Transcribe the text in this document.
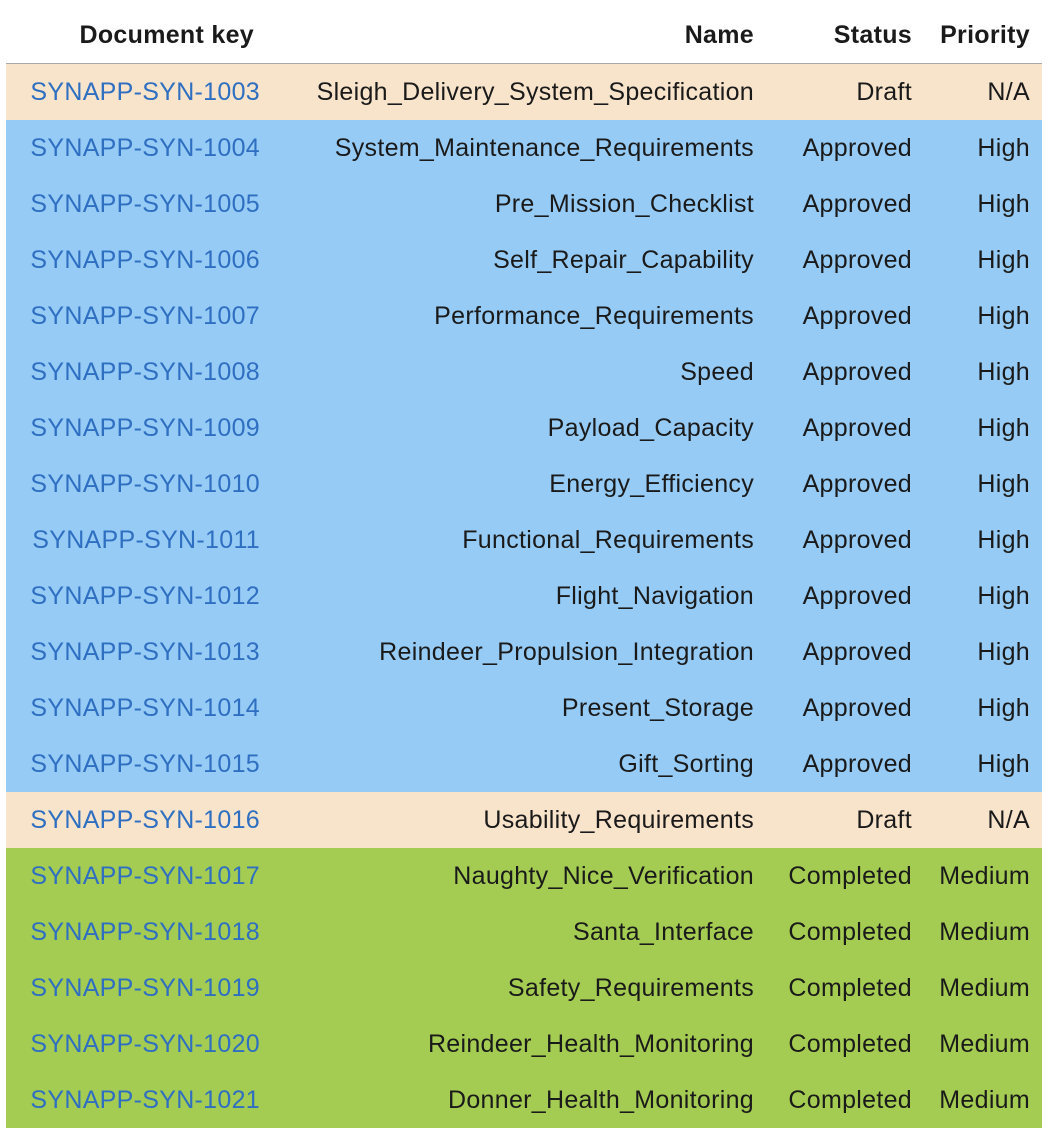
Document key	Name	Status	Priority
SYNAPP-SYN-1003	Sleigh_Delivery_System_Specification	Draft	N/A
SYNAPP-SYN-1004	System_Maintenance_Requirements	Approved	High
SYNAPP-SYN-1005	Pre_Mission_Checklist	Approved	High
SYNAPP-SYN-1006	Self_Repair_Capability	Approved	High
SYNAPP-SYN-1007	Performance_Requirements	Approved	High
SYNAPP-SYN-1008	Speed	Approved	High
SYNAPP-SYN-1009	Payload_Capacity	Approved	High
SYNAPP-SYN-1010	Energy_Efficiency	Approved	High
SYNAPP-SYN-1011	Functional_Requirements	Approved	High
SYNAPP-SYN-1012	Flight_Navigation	Approved	High
SYNAPP-SYN-1013	Reindeer_Propulsion_Integration	Approved	High
SYNAPP-SYN-1014	Present_Storage	Approved	High
SYNAPP-SYN-1015	Gift_Sorting	Approved	High
SYNAPP-SYN-1016	Usability_Requirements	Draft	N/A
SYNAPP-SYN-1017	Naughty_Nice_Verification	Completed	Medium
SYNAPP-SYN-1018	Santa_Interface	Completed	Medium
SYNAPP-SYN-1019	Safety_Requirements	Completed	Medium
SYNAPP-SYN-1020	Reindeer_Health_Monitoring	Completed	Medium
SYNAPP-SYN-1021	Donner_Health_Monitoring	Completed	Medium
